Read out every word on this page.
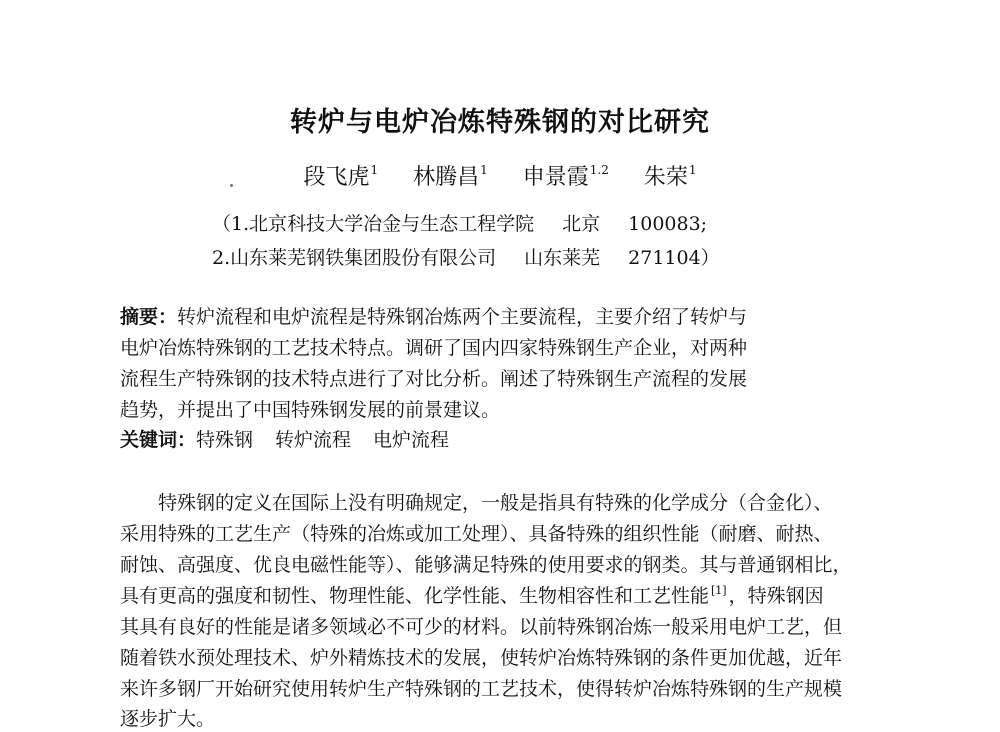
转炉与电炉冶炼特殊钢的对比研究
段飞虎$^1$ 林腾昌$^1$ 申景霞$^{1.2}$ 朱荣$^1$
（1.北京科技大学冶金与生态工程学院 北京 100083;
2.山东莱芜钢铁集团股份有限公司 山东莱芜 271104）
摘要：转炉流程和电炉流程是特殊钢冶炼两个主要流程，主要介绍了转炉与
电炉冶炼特殊钢的工艺技术特点。调研了国内四家特殊钢生产企业，对两种
流程生产特殊钢的技术特点进行了对比分析。阐述了特殊钢生产流程的发展
趋势，并提出了中国特殊钢发展的前景建议。
关键词：特殊钢 转炉流程 电炉流程
特殊钢的定义在国际上没有明确规定，一般是指具有特殊的化学成分（合金化）、
采用特殊的工艺生产（特殊的冶炼或加工处理）、具备特殊的组织性能（耐磨、耐热、
耐蚀、高强度、优良电磁性能等）、能够满足特殊的使用要求的钢类。其与普通钢相比，
具有更高的强度和韧性、物理性能、化学性能、生物相容性和工艺性能 [1] ，特殊钢因
其具有良好的性能是诸多领域必不可少的材料。以前特殊钢冶炼一般采用电炉工艺，但
随着铁水预处理技术、炉外精炼技术的发展，使转炉冶炼特殊钢的条件更加优越，近年
来许多钢厂开始研究使用转炉生产特殊钢的工艺技术，使得转炉冶炼特殊钢的生产规模
逐步扩大。
